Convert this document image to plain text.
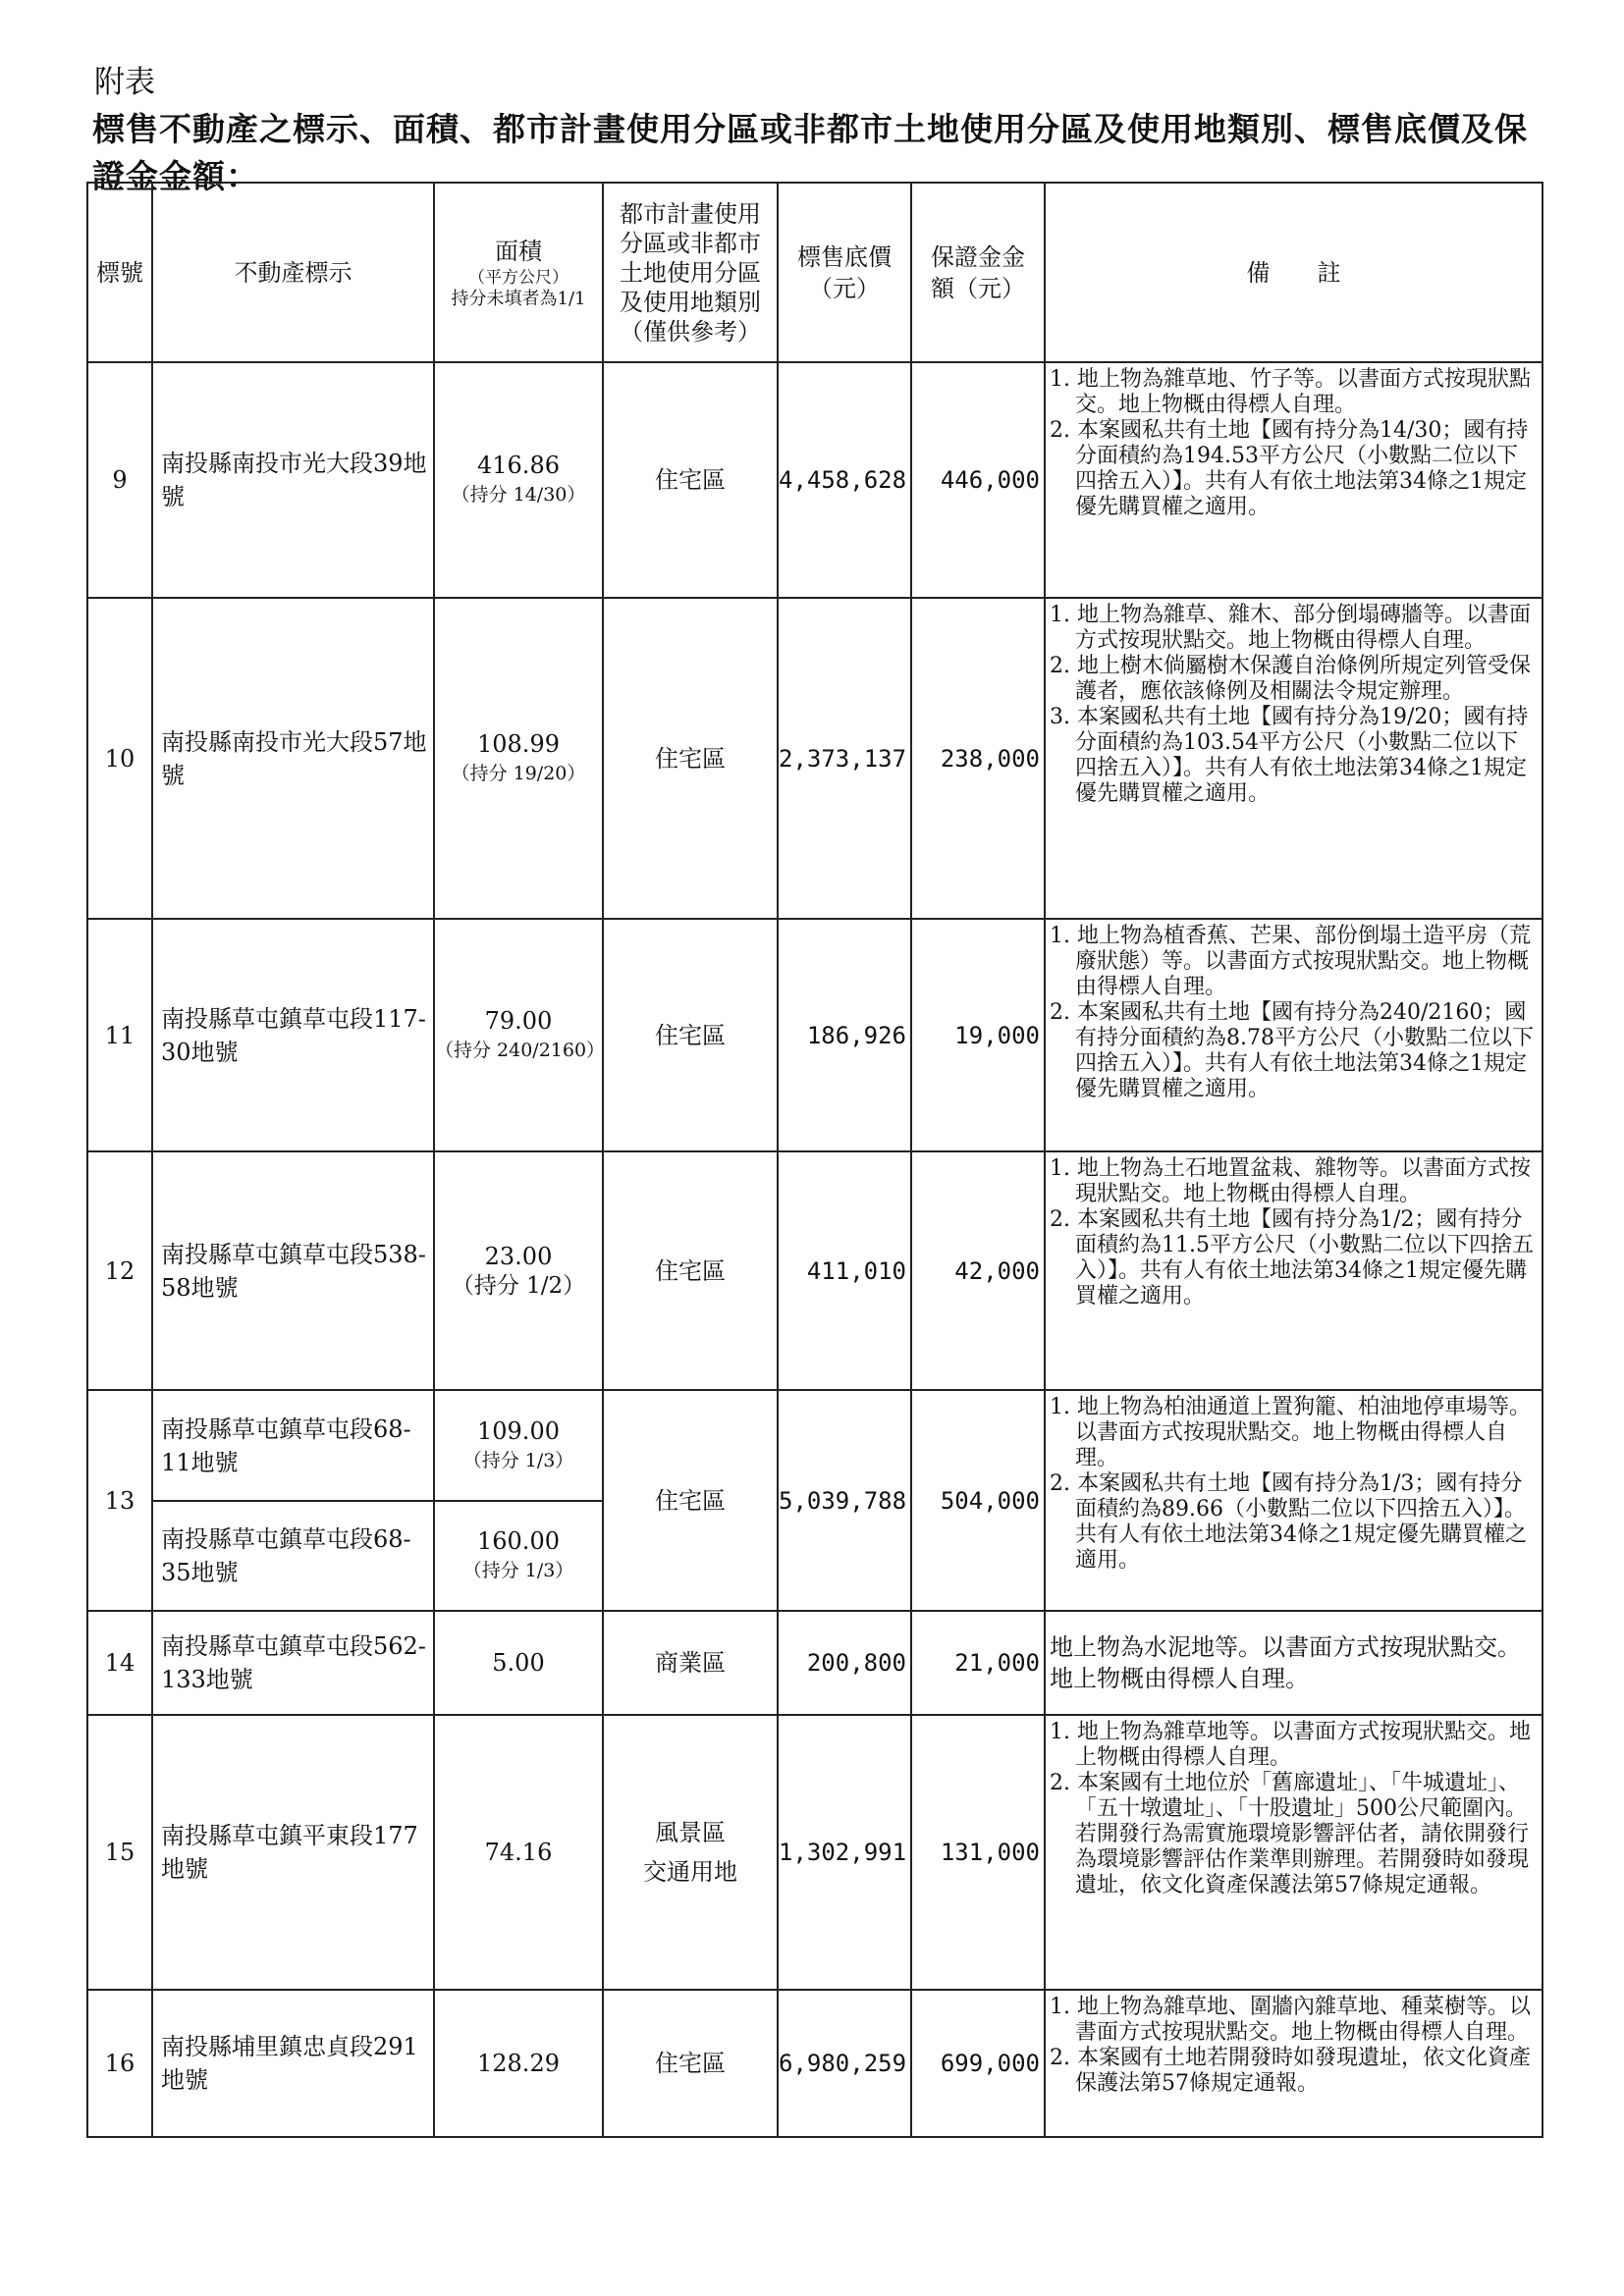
附表
標售不動產之標示、面積、都市計畫使用分區或非都市土地使用分區及使用地類別、標售底價及保證金金額：
標號	不動產標示	面積
（平方公尺）
持分未填者為1/1	都市計畫使用
分區或非都市
土地使用分區
及使用地類別
（僅供參考）	標售底價
（元）	保證金金
額（元）	備　　註
9	南投縣南投市光大段39地號	416.86
（持分 14/30）	住宅區	4,458,628	446,000	1. 地上物為雜草地、竹子等。以書面方式按現狀點交。地上物概由得標人自理。
2. 本案國私共有土地【國有持分為14/30；國有持分面積約為194.53平方公尺（小數點二位以下四捨五入）】。共有人有依土地法第34條之1規定優先購買權之適用。

10	南投縣南投市光大段57地號	108.99
（持分 19/20）	住宅區	2,373,137	238,000	1. 地上物為雜草、雜木、部分倒塌磚牆等。以書面方式按現狀點交。地上物概由得標人自理。
2. 地上樹木倘屬樹木保護自治條例所規定列管受保護者，應依該條例及相關法令規定辦理。
3. 本案國私共有土地【國有持分為19/20；國有持分面積約為103.54平方公尺（小數點二位以下四捨五入）】。共有人有依土地法第34條之1規定優先購買權之適用。

11	南投縣草屯鎮草屯段117-30地號	79.00
（持分 240/2160）	住宅區	186,926	19,000	1. 地上物為植香蕉、芒果、部份倒塌土造平房（荒廢狀態）等。以書面方式按現狀點交。地上物概由得標人自理。
2. 本案國私共有土地【國有持分為240/2160；國有持分面積約為8.78平方公尺（小數點二位以下四捨五入）】。共有人有依土地法第34條之1規定優先購買權之適用。

12	南投縣草屯鎮草屯段538-58地號	23.00
（持分 1/2）	住宅區	411,010	42,000	1. 地上物為土石地置盆栽、雜物等。以書面方式按現狀點交。地上物概由得標人自理。
2. 本案國私共有土地【國有持分為1/2；國有持分面積約為11.5平方公尺（小數點二位以下四捨五入）】。共有人有依土地法第34條之1規定優先購買權之適用。

13	南投縣草屯鎮草屯段68-11地號	109.00
（持分 1/3）	住宅區	5,039,788	504,000	1. 地上物為柏油通道上置狗籠、柏油地停車場等。以書面方式按現狀點交。地上物概由得標人自理。
2. 本案國私共有土地【國有持分為1/3；國有持分面積約為89.66（小數點二位以下四捨五入）】。共有人有依土地法第34條之1規定優先購買權之適用。

	南投縣草屯鎮草屯段68-35地號	160.00
（持分 1/3）				

14	南投縣草屯鎮草屯段562-133地號	5.00	商業區	200,800	21,000	地上物為水泥地等。以書面方式按現狀點交。地上物概由得標人自理。

15	南投縣草屯鎮平東段177地號	74.16	風景區
交通用地	1,302,991	131,000	1. 地上物為雜草地等。以書面方式按現狀點交。地上物概由得標人自理。
2. 本案國有土地位於「舊廍遺址」、「牛城遺址」、「五十墩遺址」、「十股遺址」500公尺範圍內。若開發行為需實施環境影響評估者，請依開發行為環境影響評估作業準則辦理。若開發時如發現遺址，依文化資產保護法第57條規定通報。

16	南投縣埔里鎮忠貞段291地號	128.29	住宅區	6,980,259	699,000	1. 地上物為雜草地、圍牆內雜草地、種菜樹等。以書面方式按現狀點交。地上物概由得標人自理。
2. 本案國有土地若開發時如發現遺址，依文化資產保護法第57條規定通報。
